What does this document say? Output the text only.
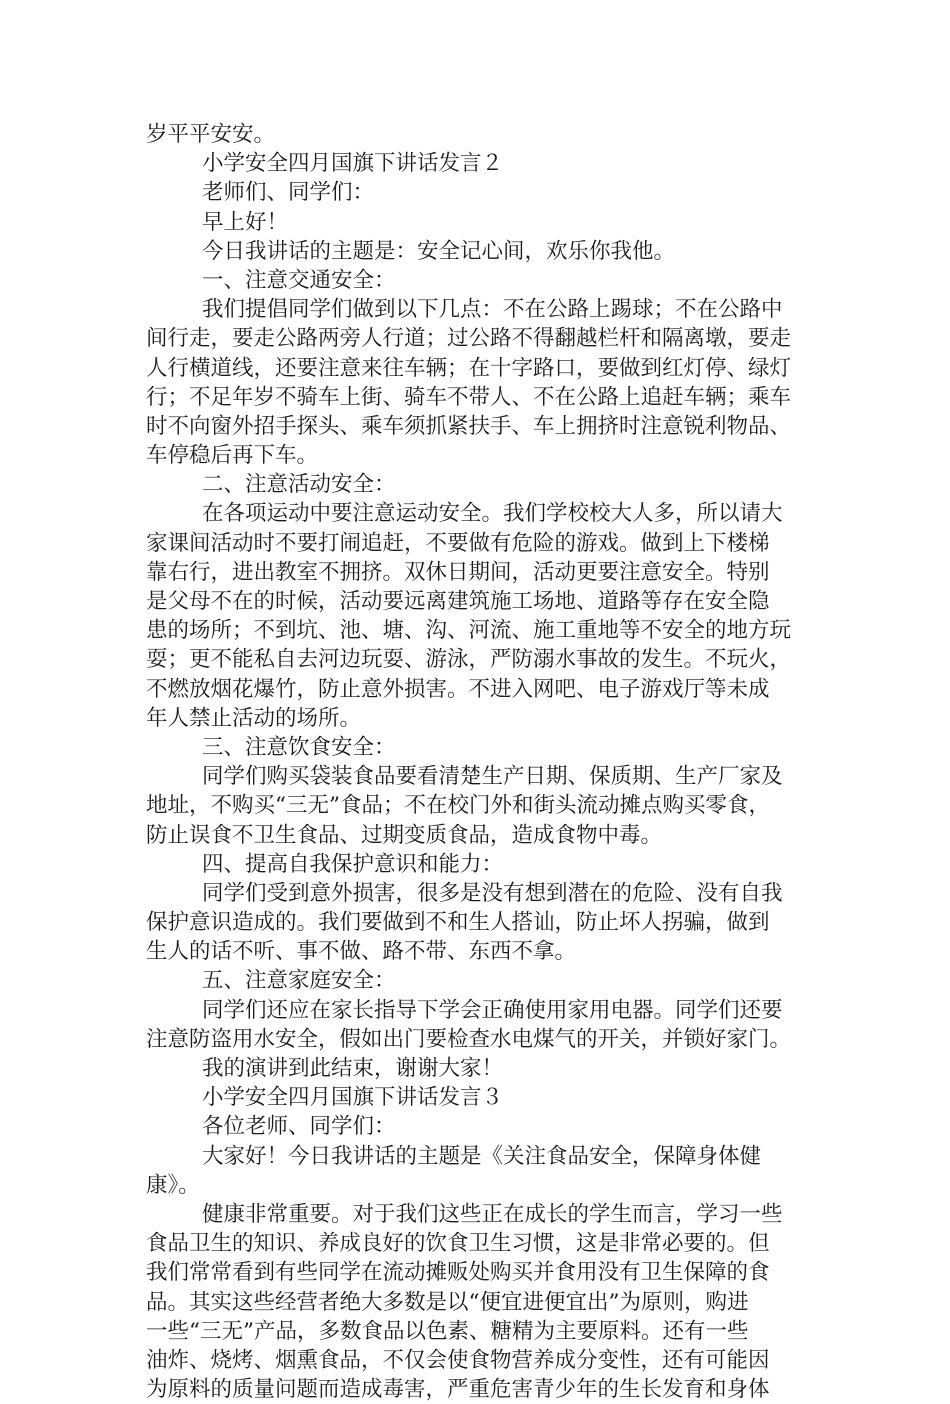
岁平平安安。
小学安全四月国旗下讲话发言２
老师们、同学们：
早上好！
今日我讲话的主题是：安全记心间，欢乐你我他。
一、注意交通安全：
我们提倡同学们做到以下几点：不在公路上踢球；不在公路中
间行走，要走公路两旁人行道；过公路不得翻越栏杆和隔离墩，要走
人行横道线，还要注意来往车辆；在十字路口，要做到红灯停、绿灯
行；不足年岁不骑车上街、骑车不带人、不在公路上追赶车辆；乘车
时不向窗外招手探头、乘车须抓紧扶手、车上拥挤时注意锐利物品、
车停稳后再下车。
二、注意活动安全：
在各项运动中要注意运动安全。我们学校校大人多，所以请大
家课间活动时不要打闹追赶，不要做有危险的游戏。做到上下楼梯
靠右行，进出教室不拥挤。双休日期间，活动更要注意安全。特别
是父母不在的时候，活动要远离建筑施工场地、道路等存在安全隐
患的场所；不到坑、池、塘、沟、河流、施工重地等不安全的地方玩
耍；更不能私自去河边玩耍、游泳，严防溺水事故的发生。不玩火，
不燃放烟花爆竹，防止意外损害。不进入网吧、电子游戏厅等未成
年人禁止活动的场所。
三、注意饮食安全：
同学们购买袋装食品要看清楚生产日期、保质期、生产厂家及
地址，不购买“三无”食品；不在校门外和街头流动摊点购买零食，
防止误食不卫生食品、过期变质食品，造成食物中毒。
四、提高自我保护意识和能力：
同学们受到意外损害，很多是没有想到潜在的危险、没有自我
保护意识造成的。我们要做到不和生人搭讪，防止坏人拐骗，做到
生人的话不听、事不做、路不带、东西不拿。
五、注意家庭安全：
同学们还应在家长指导下学会正确使用家用电器。同学们还要
注意防盗用水安全，假如出门要检查水电煤气的开关，并锁好家门。
我的演讲到此结束，谢谢大家！
小学安全四月国旗下讲话发言３
各位老师、同学们：
大家好！今日我讲话的主题是《关注食品安全，保障身体健
康》。
健康非常重要。对于我们这些正在成长的学生而言，学习一些
食品卫生的知识、养成良好的饮食卫生习惯，这是非常必要的。但
我们常常看到有些同学在流动摊贩处购买并食用没有卫生保障的食
品。其实这些经营者绝大多数是以“便宜进便宜出”为原则，购进
一些“三无”产品，多数食品以色素、糖精为主要原料。还有一些
油炸、烧烤、烟熏食品，不仅会使食物营养成分变性，还有可能因
为原料的质量问题而造成毒害，严重危害青少年的生长发育和身体
